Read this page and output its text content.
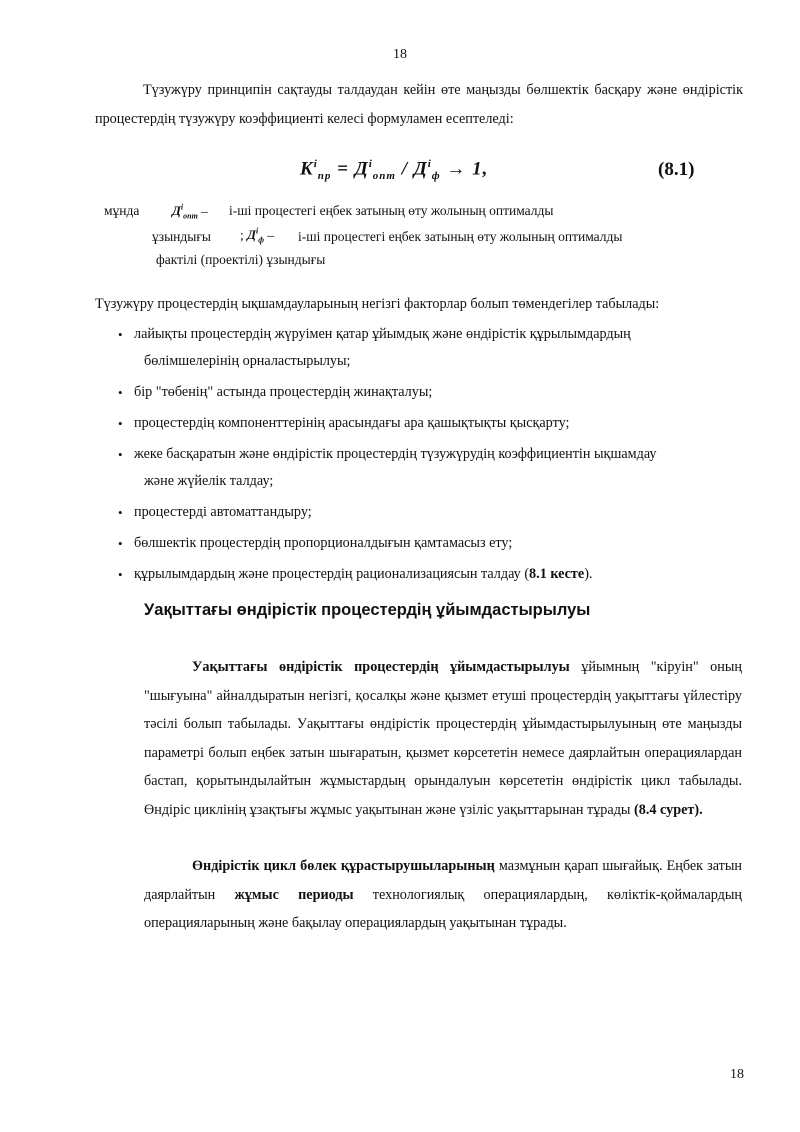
18
Түзужүру принципін сақтауды талдаудан кейін өте маңызды бөлшектік басқару және өндірістік процестердің түзужүру коэффициенті келесі формуламен есептеледі:
$K^i_{пр} = Д^i_{опт} / Д^i_ф \to 1$,	(8.1)
мұнда	$Д^i_{опт} - i-ші$ процестегі еңбек затының өту жолының оптималды
ұзындығы ; $Д^i_ф - i-ші$ процестегі еңбек затының өту жолының оптималды
фактілі (проектілі) ұзындығы
Түзужүру процестердің ықшамдауларының негізгі факторлар болып төмендегілер табылады:
• лайықты процестердің жүруімен қатар ұйымдық және өндірістік құрылымдардың
бөлімшелерінің орналастырылуы;
• бір "төбенің" астында процестердің жинақталуы;
• процестердің компоненттерінің арасындағы ара қашықтықты қысқарту;
• жеке басқаратын және өндірістік процестердің түзужүрудің коэффициентін ықшамдау
және жүйелік талдау;
• процестерді автоматтандыру;
• бөлшектік процестердің пропорционалдығын қамтамасыз ету;
• құрылымдардың және процестердің рационализациясын талдау (8.1 кесте).
Уақыттағы өндірістік процестердің ұйымдастырылуы
Уақыттағы өндірістік процестердің ұйымдастырылуы ұйымның "кіруін" оның "шығуына" айналдыратын негізгі, қосалқы және қызмет етуші процестердің уақыттағы үйлестіру тәсілі болып табылады. Уақыттағы өндірістік процестердің ұйымдастырылуының өте маңызды параметрі болып еңбек затын шығаратын, қызмет көрсететін немесе даярлайтын операциялардан бастап, қорытындылайтын жұмыстардың орындалуын көрсететін өндірістік цикл табылады. Өндіріс циклінің ұзақтығы жұмыс уақытынан және үзіліс уақыттарынан тұрады (8.4 сурет).
Өндірістік цикл бөлек құрастырушыларының мазмұнын қарап шығайық. Еңбек затын даярлайтын жұмыс периоды технологиялық операциялардың, көліктік-қоймалардың операцияларының және бақылау операциялардың уақытынан тұрады.
18
